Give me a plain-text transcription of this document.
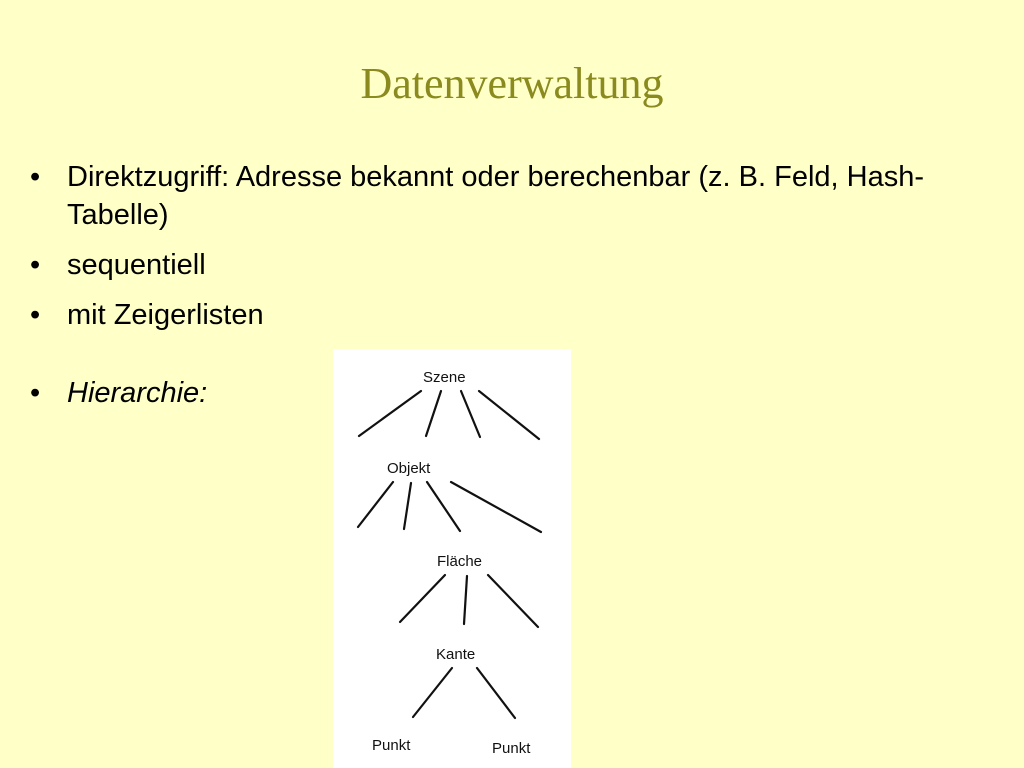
Datenverwaltung
• Direktzugriff: Adresse bekannt oder berechenbar (z. B. Feld, Hash-Tabelle)
• sequentiell
• mit Zeigerlisten
• Hierarchie:	Szene
Objekt
Fläche
Kante
Punkt	Punkt
